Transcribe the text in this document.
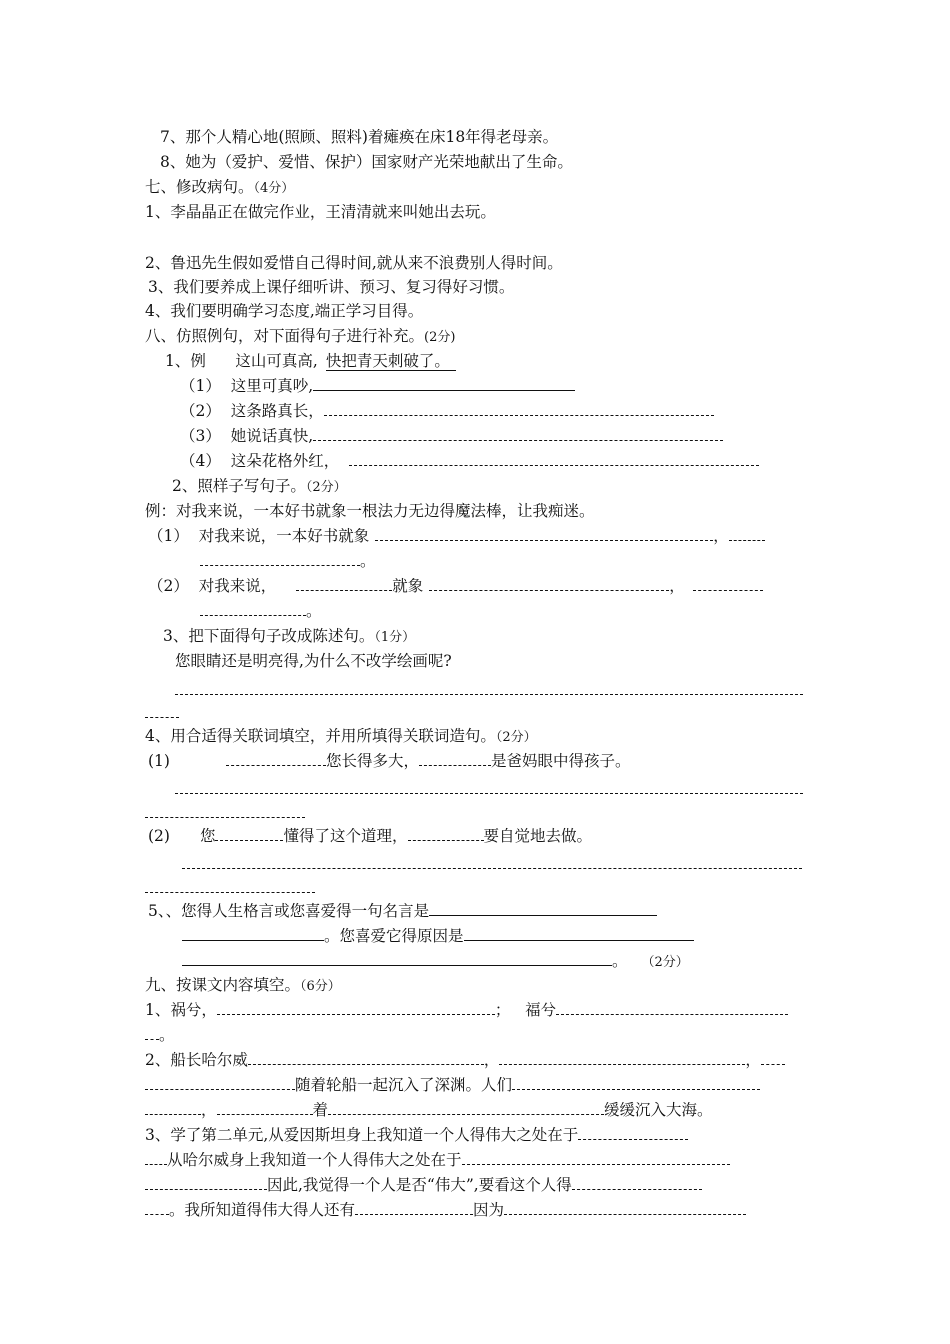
7、那个人精心地(照顾、照料)着瘫痪在床18年得老母亲。
8、她为（爱护、爱惜、保护）国家财产光荣地献出了生命。
七、修改病句。（4分）
1、李晶晶正在做完作业，王清清就来叫她出去玩。
2、鲁迅先生假如爱惜自己得时间,就从来不浪费别人得时间。
3、我们要养成上课仔细听讲、预习、复习得好习惯。
4、我们要明确学习态度,端正学习目得。
八、仿照例句，对下面得句子进行补充。(2分)
1、例      这山可真高, 快把青天刺破了。
（1）  这里可真吵,
（2）  这条路真长，
（3）  她说话真快,
（4）  这朵花格外红，
2、照样子写句子。（2分）
例：对我来说，一本好书就象一根法力无边得魔法棒，让我痴迷。
（1）  对我来说，一本好书就象	，
。
（2）  对我来说，	就象	，
。
3、把下面得句子改成陈述句。（1分）
您眼睛还是明亮得,为什么不改学绘画呢?
4、用合适得关联词填空，并用所填得关联词造句。（2分）
(1)	您长得多大，	是爸妈眼中得孩子。
(2) 您	懂得了这个道理，	要自觉地去做。
5、、您得人生格言或您喜爱得一句名言是
。您喜爱它得原因是
。 （2分）
九、按课文内容填空。（6分）
1、祸兮，	；   福兮
。
2、船长哈尔威	，	，
随着轮船一起沉入了深渊。人们
，	着	缓缓沉入大海。
3、学了第二单元,从爱因斯坦身上我知道一个人得伟大之处在于
从哈尔威身上我知道一个人得伟大之处在于
因此,我觉得一个人是否“伟大”,要看这个人得
。我所知道得伟大得人还有	因为
